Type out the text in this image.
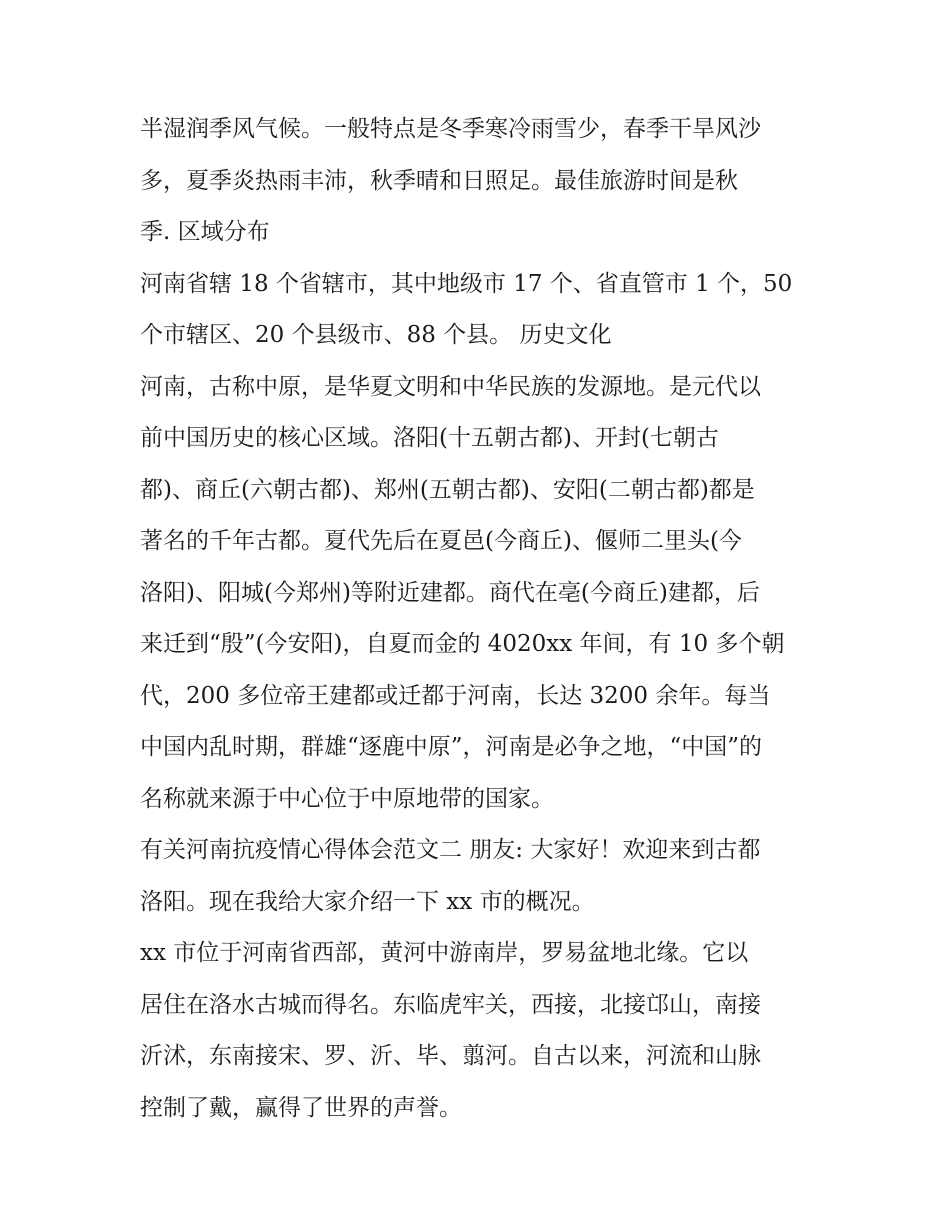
半湿润季风气候。一般特点是冬季寒冷雨雪少，春季干旱风沙
多，夏季炎热雨丰沛，秋季晴和日照足。最佳旅游时间是秋
季. 区域分布
河南省辖 18 个省辖市，其中地级市 17 个、省直管市 1 个，50
个市辖区、20 个县级市、88 个县。 历史文化
河南，古称中原，是华夏文明和中华民族的发源地。是元代以
前中国历史的核心区域。洛阳(十五朝古都)、开封(七朝古
都)、商丘(六朝古都)、郑州(五朝古都)、安阳(二朝古都)都是
著名的千年古都。夏代先后在夏邑(今商丘)、偃师二里头(今
洛阳)、阳城(今郑州)等附近建都。商代在亳(今商丘)建都，后
来迁到“殷”(今安阳)，自夏而金的 4020xx 年间，有 10 多个朝
代，200 多位帝王建都或迁都于河南，长达 3200 余年。每当
中国内乱时期，群雄“逐鹿中原”，河南是必争之地，“中国”的
名称就来源于中心位于中原地带的国家。
有关河南抗疫情心得体会范文二 朋友: 大家好！欢迎来到古都
洛阳。现在我给大家介绍一下 xx 市的概况。
xx 市位于河南省西部，黄河中游南岸，罗易盆地北缘。它以
居住在洛水古城而得名。东临虎牢关，西接，北接邙山，南接
沂沭，东南接宋、罗、沂、毕、翦河。自古以来，河流和山脉
控制了戴，赢得了世界的声誉。
